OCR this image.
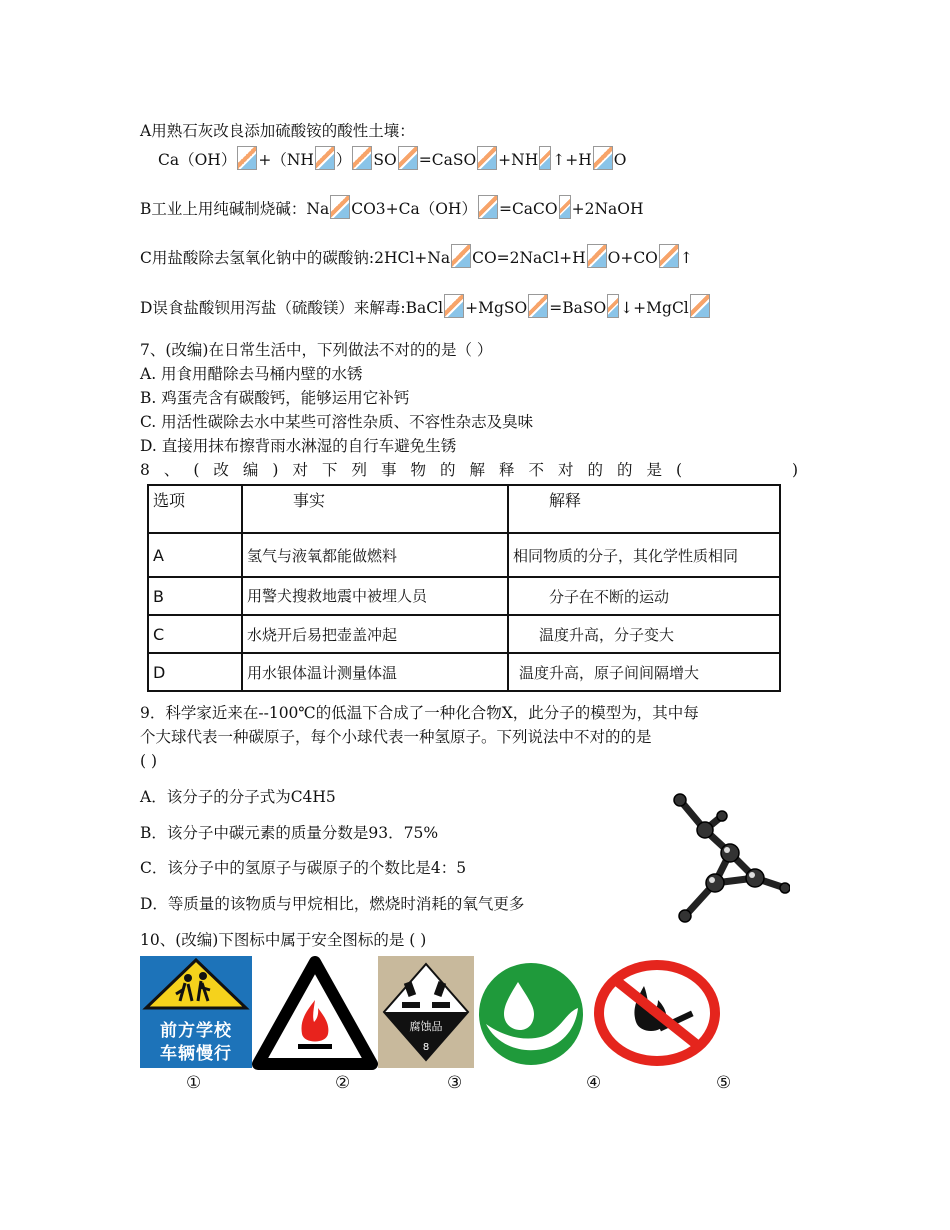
A用熟石灰改良添加硫酸铵的酸性土壤：
Ca（OH） +（NH ） SO =CaSO +NH ↑+H O
B工业上用纯碱制烧碱：Na CO3+Ca（OH） =CaCO +2NaOH
C用盐酸除去氢氧化钠中的碳酸钠:2HCl+Na CO=2NaCl+H O+CO ↑
D误食盐酸钡用泻盐（硫酸镁）来解毒:BaCl +MgSO =BaSO ↓+MgCl
7、(改编)在日常生活中，下列做法不对的的是（ ）
A. 用食用醋除去马桶内壁的水锈
B. 鸡蛋壳含有碳酸钙，能够运用它补钙
C. 用活性碳除去水中某些可溶性杂质、不容性杂志及臭味
D. 直接用抹布擦背雨水淋湿的自行车避免生锈
8、(改编)对下列事物的解释不对的的是(	)
选项	事实	解释
A	氢气与液氧都能做燃料	相同物质的分子，其化学性质相同
B	用警犬搜救地震中被埋人员	分子在不断的运动
C	水烧开后易把壶盖冲起	温度升高，分子变大
D	用水银体温计测量体温	温度升高，原子间间隔增大
9．科学家近来在--100℃的低温下合成了一种化合物X，此分子的模型为，其中每
个大球代表一种碳原子，每个小球代表一种氢原子。下列说法中不对的的是
( )
A．该分子的分子式为C4H5
B．该分子中碳元素的质量分数是93．75%
C．该分子中的氢原子与碳原子的个数比是4：5
D．等质量的该物质与甲烷相比，燃烧时消耗的氧气更多
10、(改编)下图标中属于安全图标的是 ( )
前方学校
车辆慢行
腐蚀品
8
①	②	③	④	⑤
